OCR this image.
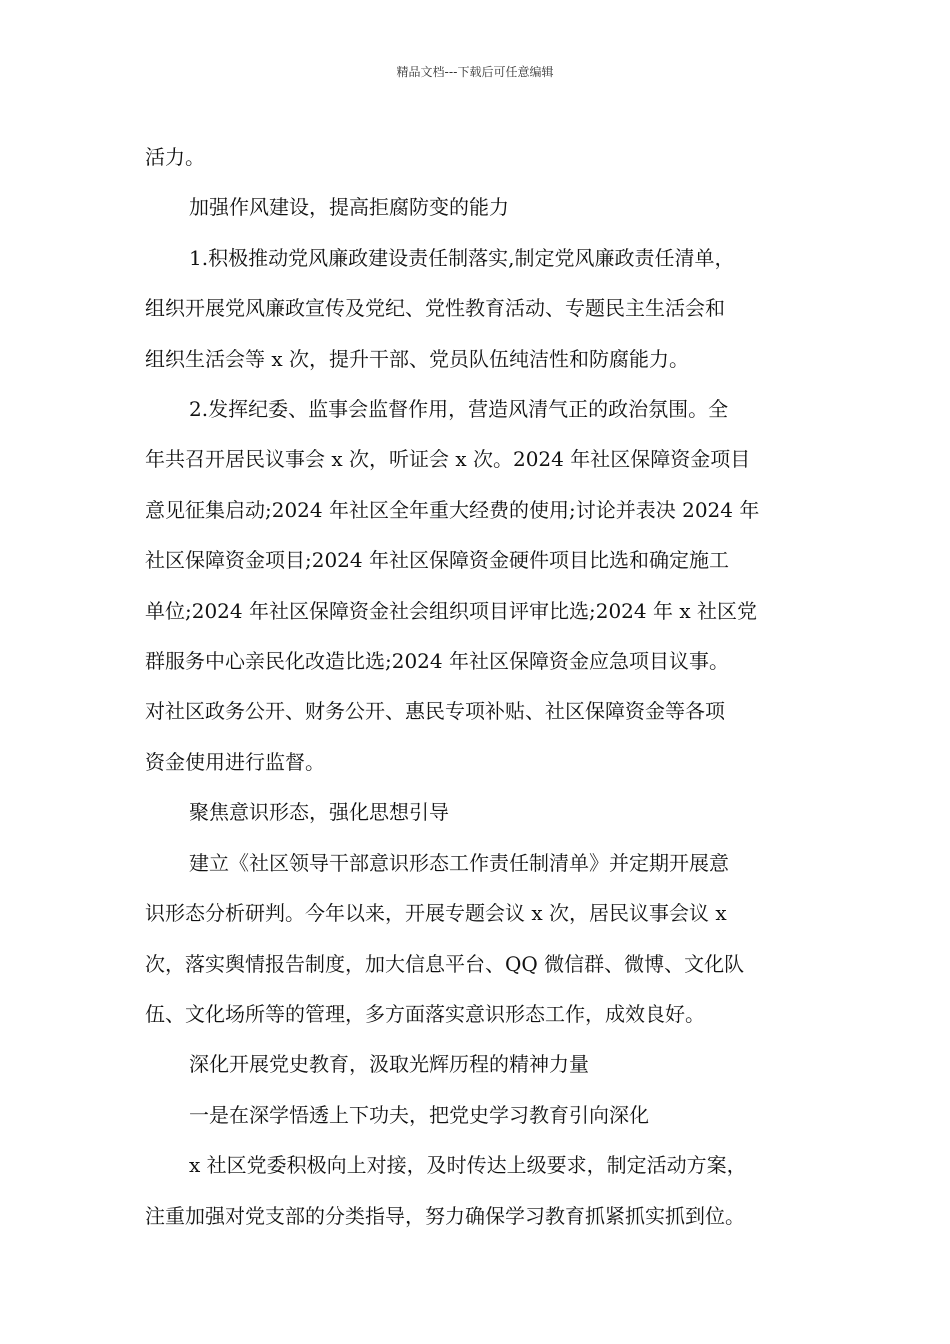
精品文档---下载后可任意编辑

活力。

加强作风建设，提高拒腐防变的能力

1.积极推动党风廉政建设责任制落实,制定党风廉政责任清单，

组织开展党风廉政宣传及党纪、党性教育活动、专题民主生活会和

组织生活会等 x 次，提升干部、党员队伍纯洁性和防腐能力。

2.发挥纪委、监事会监督作用，营造风清气正的政治氛围。全

年共召开居民议事会 x 次，听证会 x 次。2024 年社区保障资金项目

意见征集启动;2024 年社区全年重大经费的使用;讨论并表决 2024 年

社区保障资金项目;2024 年社区保障资金硬件项目比选和确定施工

单位;2024 年社区保障资金社会组织项目评审比选;2024 年 x 社区党

群服务中心亲民化改造比选;2024 年社区保障资金应急项目议事。

对社区政务公开、财务公开、惠民专项补贴、社区保障资金等各项

资金使用进行监督。

聚焦意识形态，强化思想引导

建立《社区领导干部意识形态工作责任制清单》并定期开展意

识形态分析研判。今年以来，开展专题会议 x 次，居民议事会议 x

次，落实舆情报告制度，加大信息平台、QQ 微信群、微博、文化队

伍、文化场所等的管理，多方面落实意识形态工作，成效良好。

深化开展党史教育，汲取光辉历程的精神力量

一是在深学悟透上下功夫，把党史学习教育引向深化

x 社区党委积极向上对接，及时传达上级要求，制定活动方案，

注重加强对党支部的分类指导，努力确保学习教育抓紧抓实抓到位。
